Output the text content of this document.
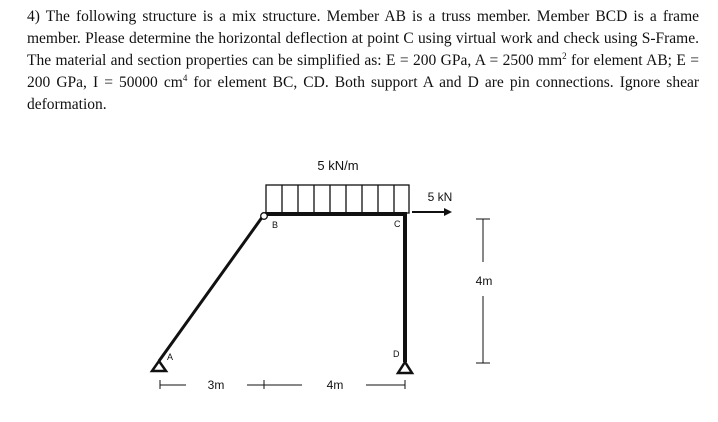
4) The following structure is a mix structure. Member AB is a truss member. Member BCD is a frame member. Please determine the horizontal deflection at point C using virtual work and check using S-Frame. The material and section properties can be simplified as: E = 200 GPa, A = 2500 $mm^2$ for element AB; E = 200 GPa, I = 50000 $cm^4$ for element BC, CD. Both support A and D are pin connections. Ignore shear deformation.

5 kN/m
B	C
D
A
5 kN
4m
3m	4m
